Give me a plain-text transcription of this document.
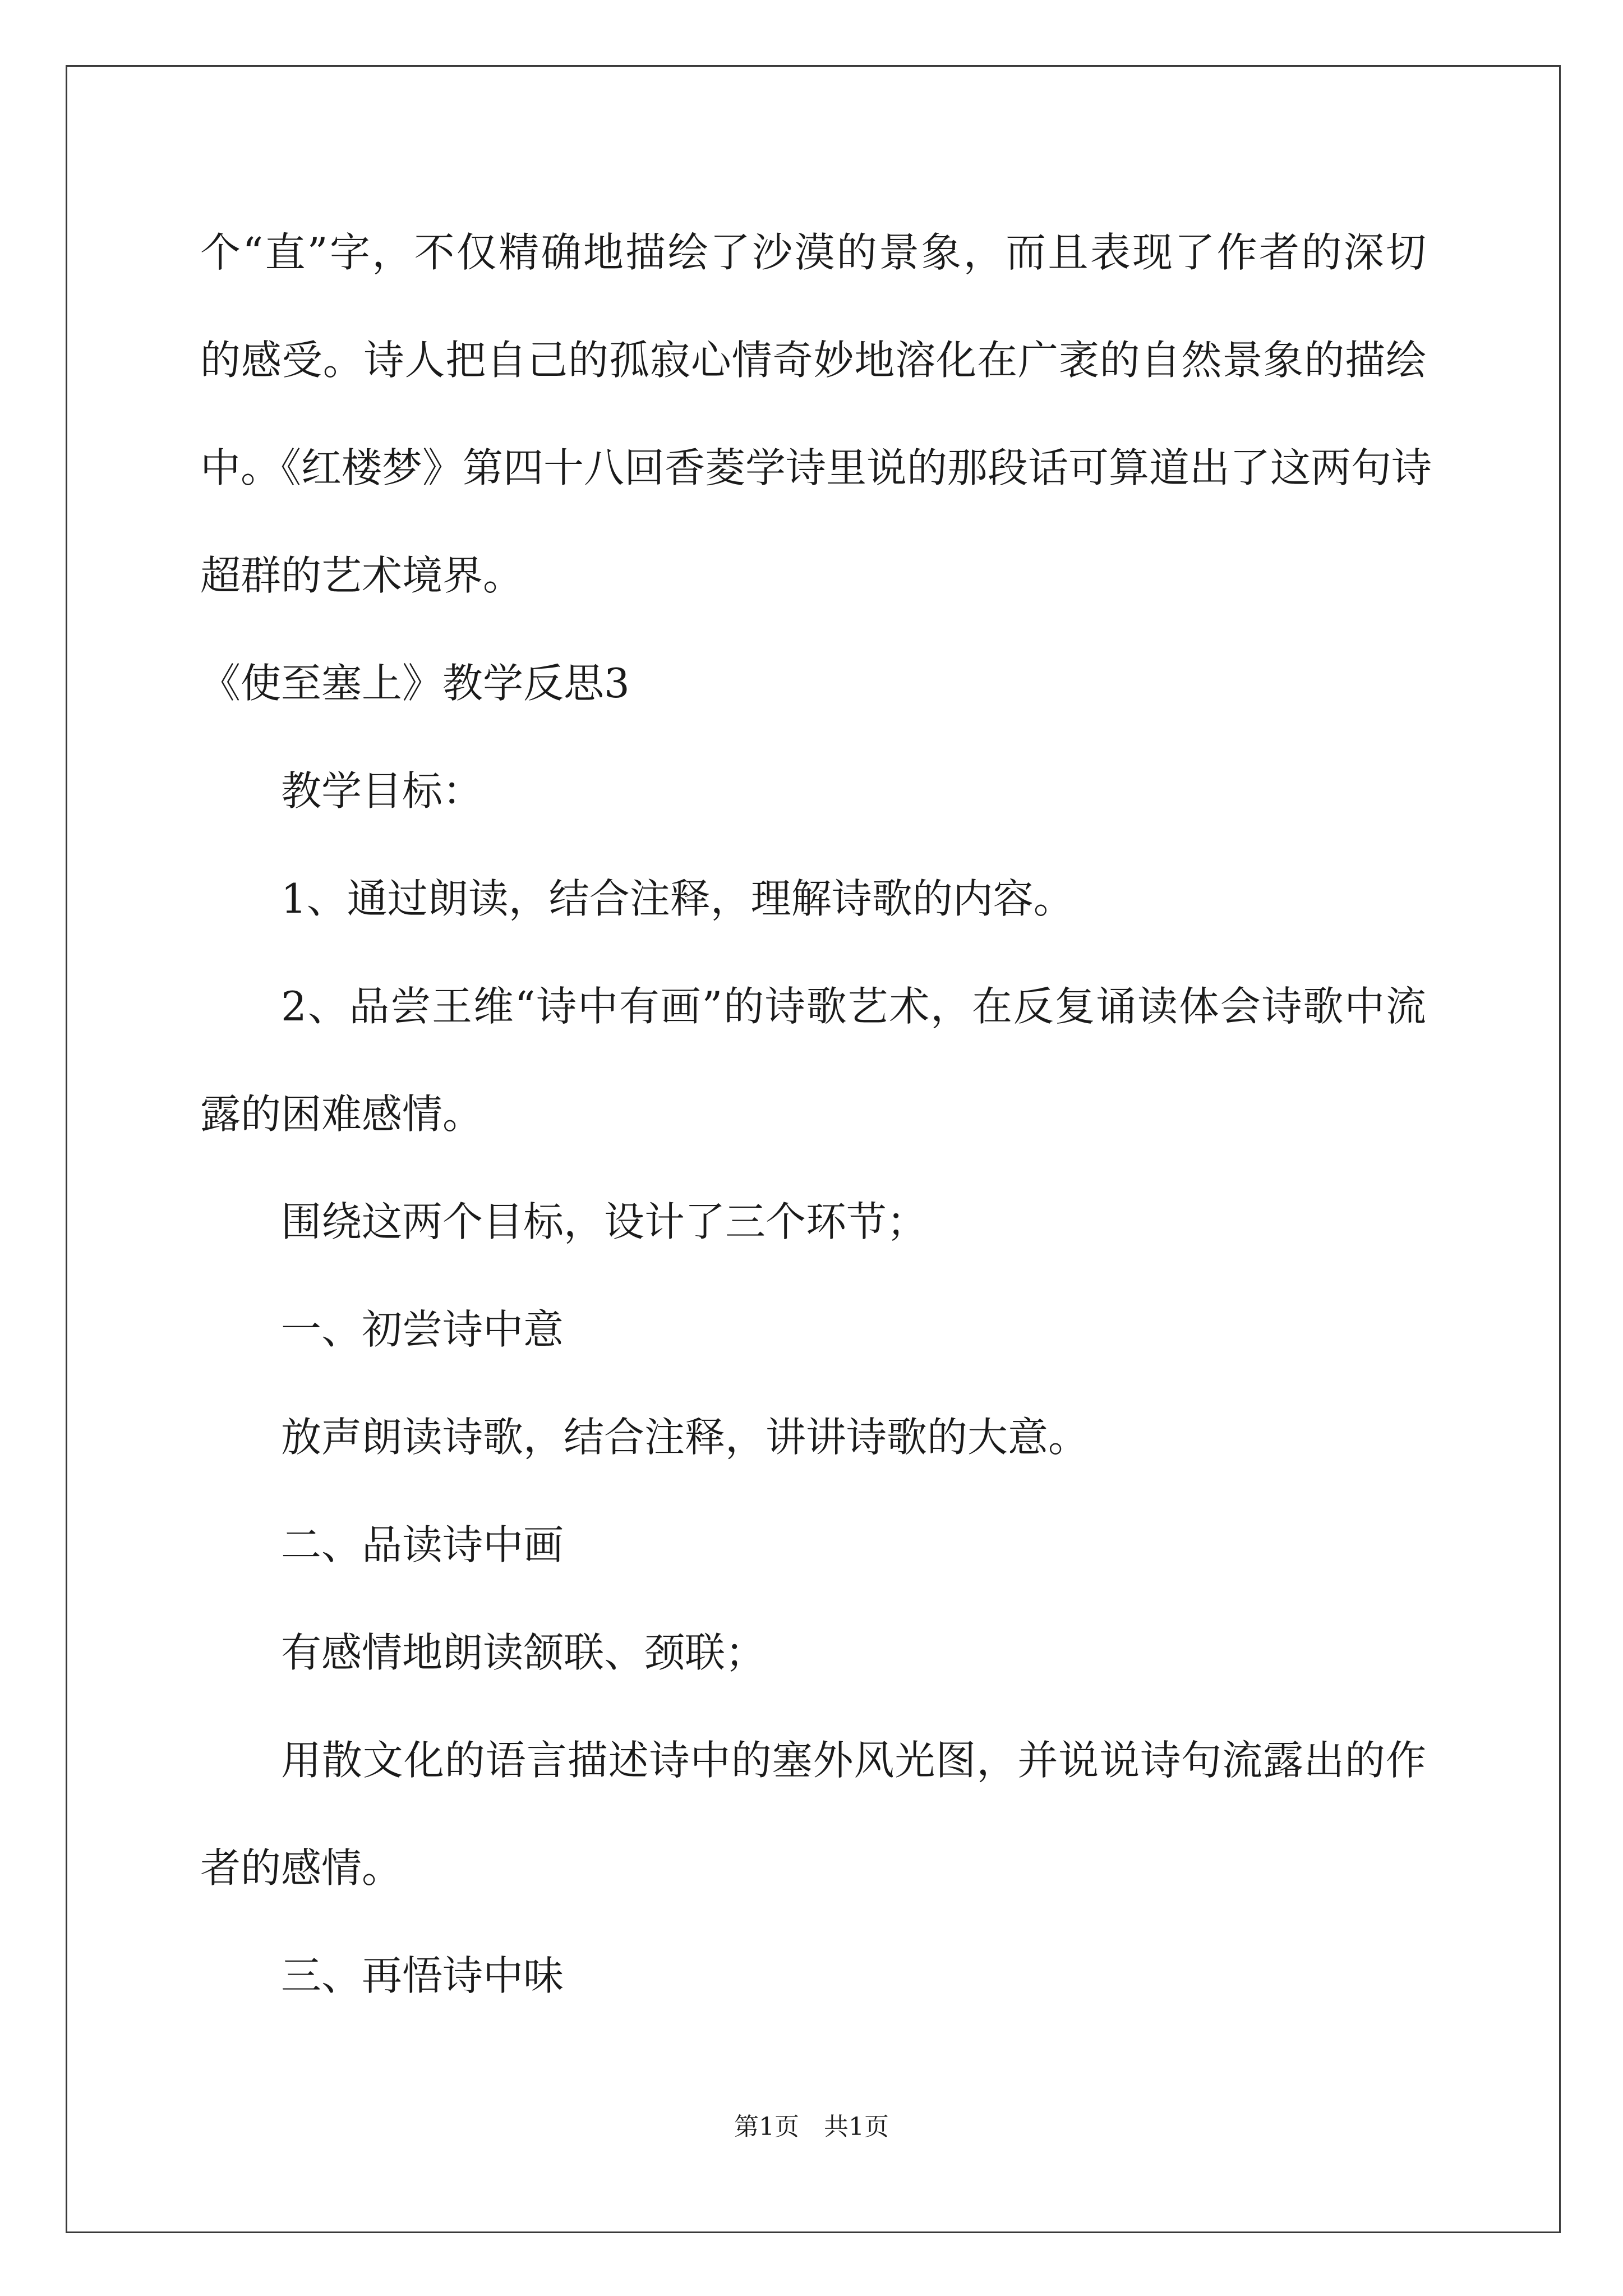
个“直”字，不仅精确地描绘了沙漠的景象，而且表现了作者的深切

的感受。诗人把自己的孤寂心情奇妙地溶化在广袤的自然景象的描绘

中。《红楼梦》第四十八回香菱学诗里说的那段话可算道出了这两句诗

超群的艺术境界。

《使至塞上》教学反思3

教学目标：

1、通过朗读，结合注释，理解诗歌的内容。

2、品尝王维“诗中有画”的诗歌艺术，在反复诵读体会诗歌中流

露的困难感情。

围绕这两个目标，设计了三个环节；

一、初尝诗中意

放声朗读诗歌，结合注释，讲讲诗歌的大意。

二、品读诗中画

有感情地朗读颔联、颈联；

用散文化的语言描述诗中的塞外风光图，并说说诗句流露出的作

者的感情。

三、再悟诗中味

第1页　共1页
